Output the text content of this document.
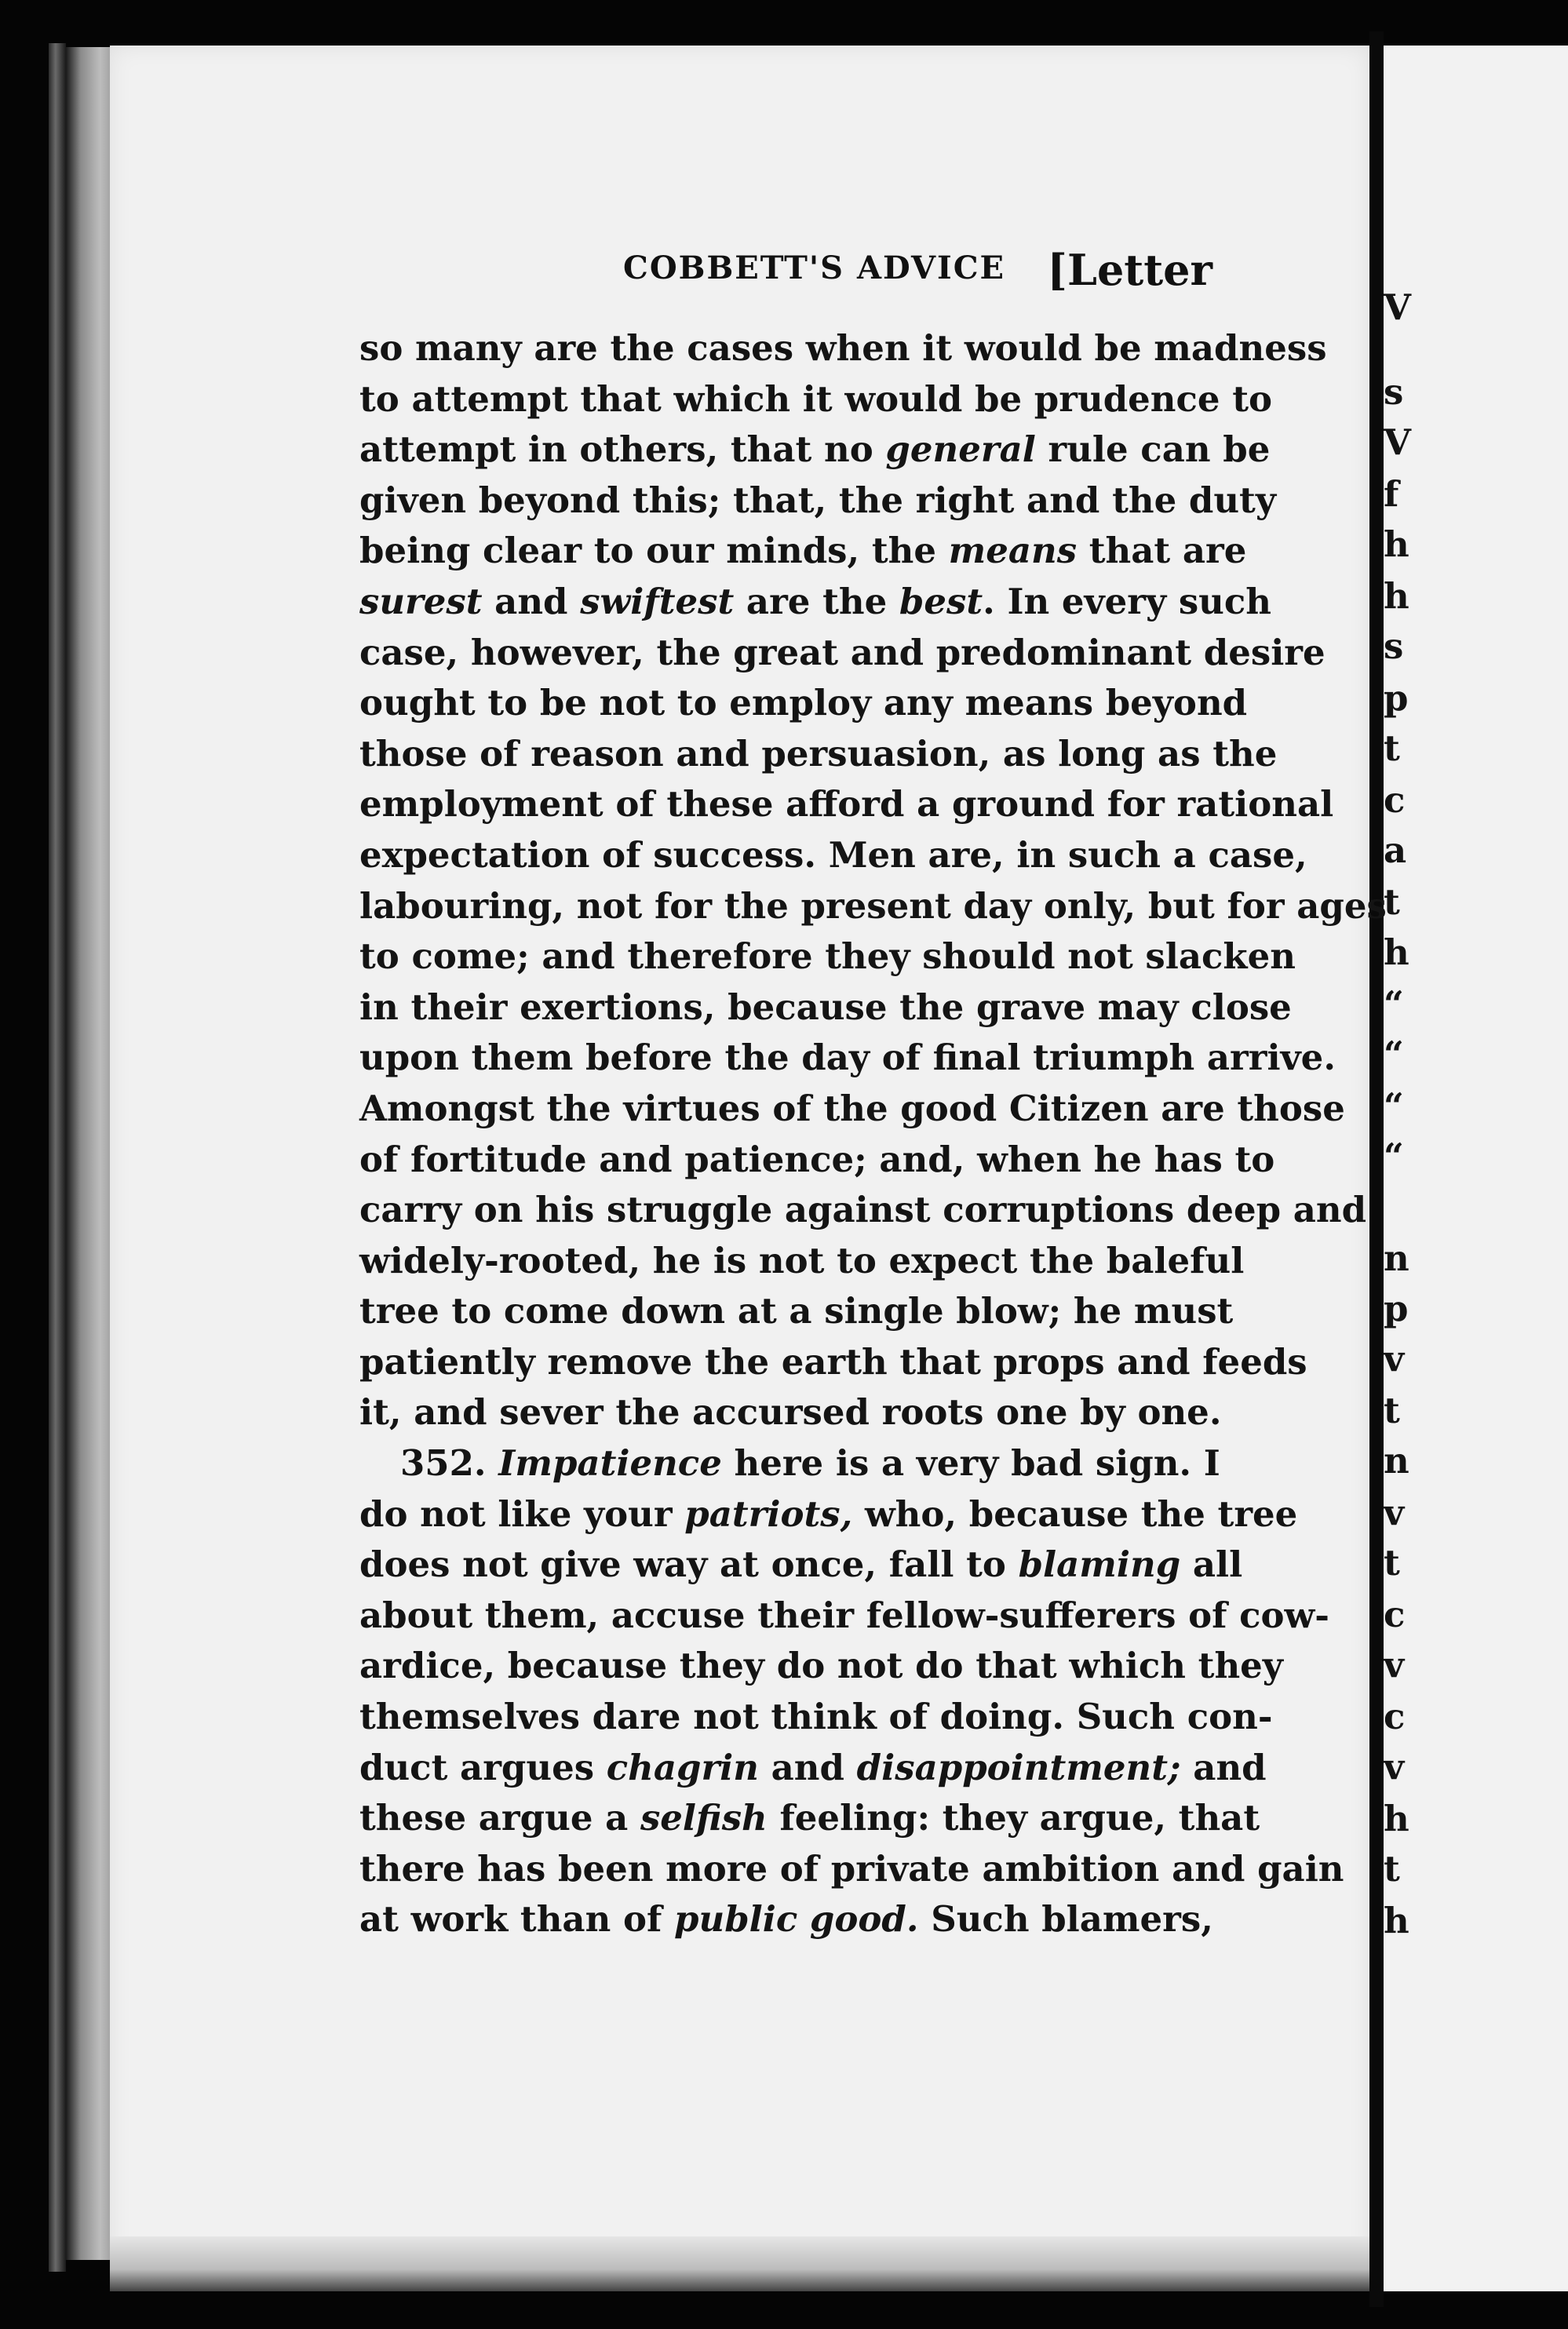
V
s
V
f
h
h
s
p
t
c
a
t
h
“
“
“
“
n
p
v
t
n
v
t
c
v
c
v
h
t
h
COBBETT'S ADVICE [Letter
so many are the cases when it would be madness
to attempt that which it would be prudence to
attempt in others, that no general rule can be
given beyond this; that, the right and the duty
being clear to our minds, the means that are
surest and swiftest are the best. In every such
case, however, the great and predominant desire
ought to be not to employ any means beyond
those of reason and persuasion, as long as the
employment of these afford a ground for rational
expectation of success. Men are, in such a case,
labouring, not for the present day only, but for ages
to come; and therefore they should not slacken
in their exertions, because the grave may close
upon them before the day of final triumph arrive.
Amongst the virtues of the good Citizen are those
of fortitude and patience; and, when he has to
carry on his struggle against corruptions deep and
widely-rooted, he is not to expect the baleful
tree to come down at a single blow; he must
patiently remove the earth that props and feeds
it, and sever the accursed roots one by one.
352. Impatience here is a very bad sign. I
do not like your patriots, who, because the tree
does not give way at once, fall to blaming all
about them, accuse their fellow-sufferers of cow-
ardice, because they do not do that which they
themselves dare not think of doing. Such con-
duct argues chagrin and disappointment; and
these argue a selfish feeling: they argue, that
there has been more of private ambition and gain
at work than of public good. Such blamers,
